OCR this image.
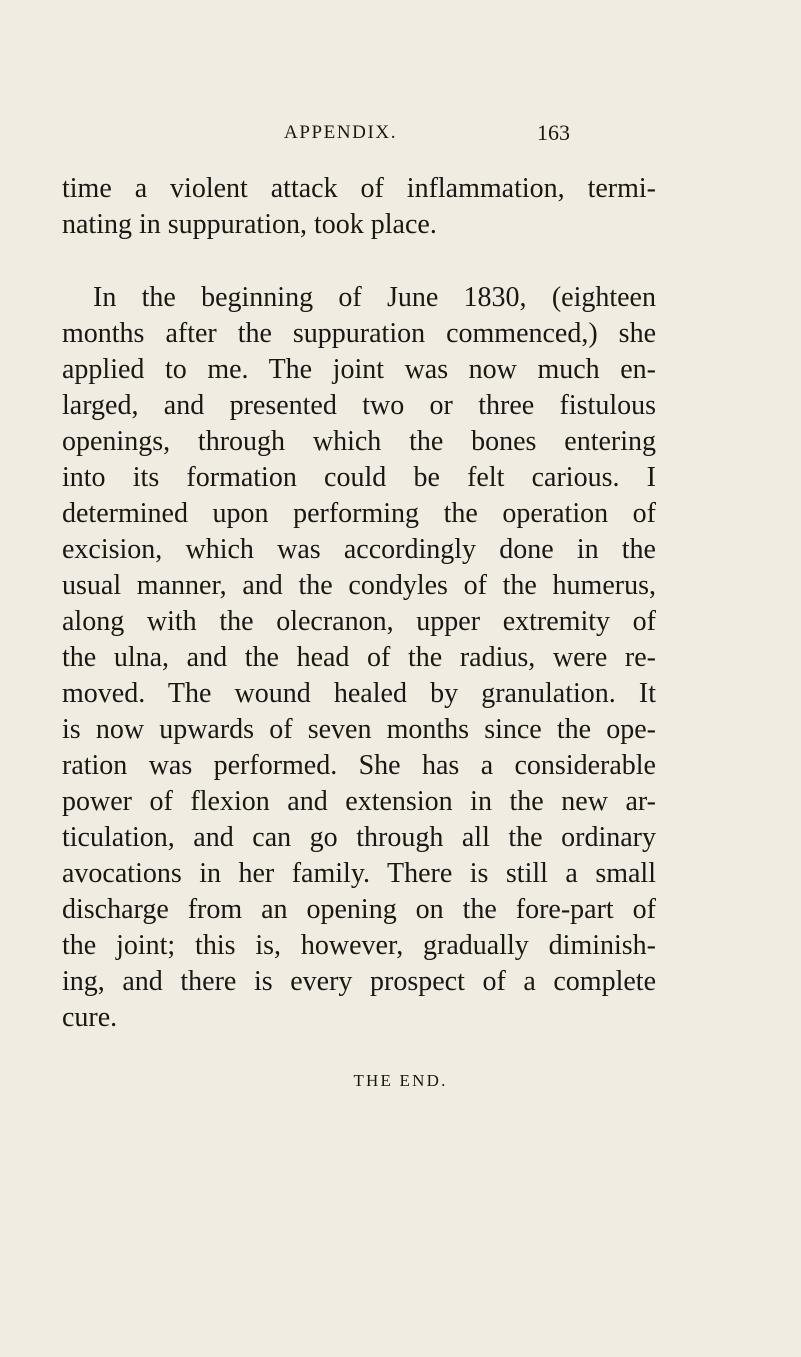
APPENDIX.	163
time a violent attack of inflammation, termi-
nating in suppuration, took place.
In the beginning of June 1830, (eighteen
months after the suppuration commenced,) she
applied to me. The joint was now much en-
larged, and presented two or three fistulous
openings, through which the bones entering
into its formation could be felt carious. I
determined upon performing the operation of
excision, which was accordingly done in the
usual manner, and the condyles of the humerus,
along with the olecranon, upper extremity of
the ulna, and the head of the radius, were re-
moved. The wound healed by granulation. It
is now upwards of seven months since the ope-
ration was performed. She has a considerable
power of flexion and extension in the new ar-
ticulation, and can go through all the ordinary
avocations in her family. There is still a small
discharge from an opening on the fore-part of
the joint; this is, however, gradually diminish-
ing, and there is every prospect of a complete
cure.
THE END.
